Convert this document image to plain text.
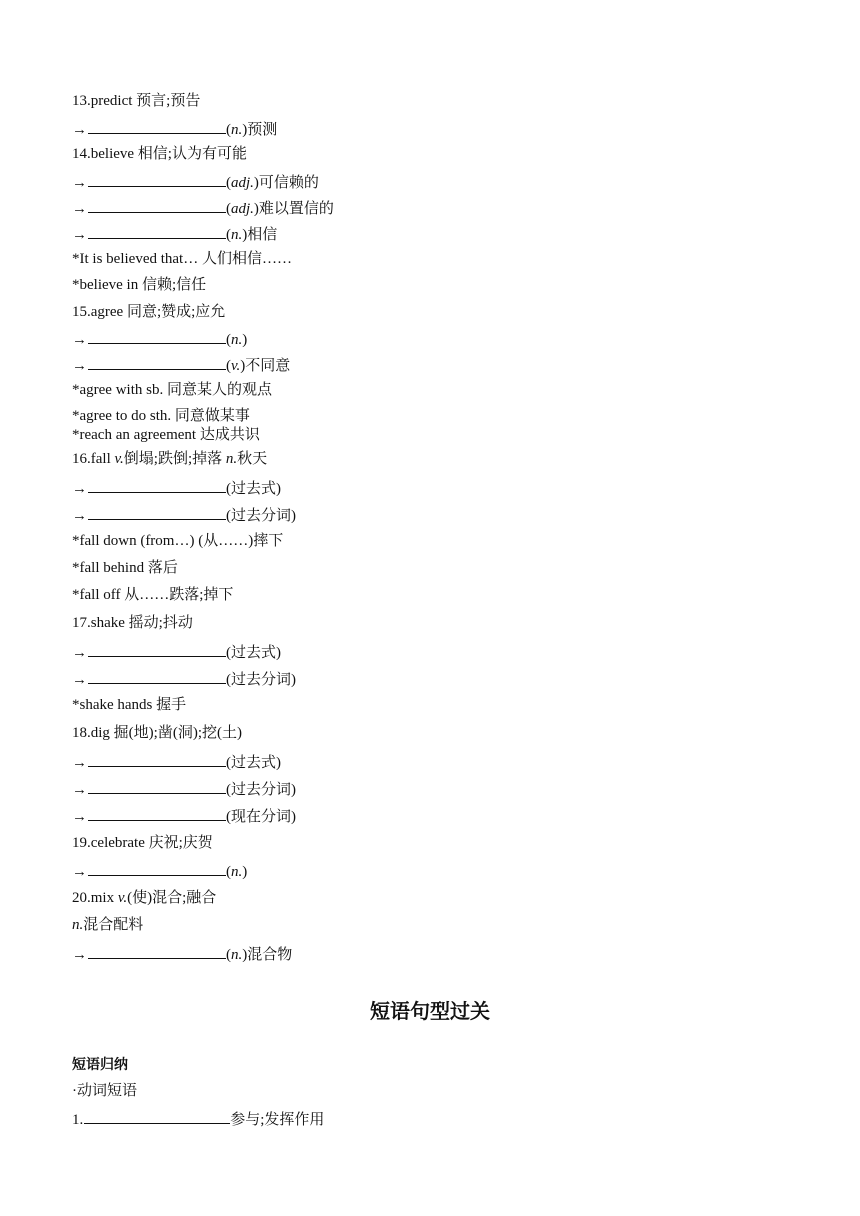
13.predict 预言;预告
→	(n.)预测
14.believe 相信;认为有可能
→	(adj.)可信赖的
→	(adj.)难以置信的
→	(n.)相信
*It is believed that… 人们相信……
*believe in 信赖;信任
15.agree 同意;赞成;应允
→	(n.)
→	(v.)不同意
*agree with sb. 同意某人的观点
*agree to do sth. 同意做某事
*reach an agreement 达成共识
16.fall v.倒塌;跌倒;掉落 n.秋天
→	(过去式)
→	(过去分词)
*fall down (from…) (从……)摔下
*fall behind 落后
*fall off 从……跌落;掉下
17.shake 摇动;抖动
→	(过去式)
→	(过去分词)
*shake hands 握手
18.dig 掘(地);凿(洞);挖(土)
→	(过去式)
→	(过去分词)
→	(现在分词)
19.celebrate 庆祝;庆贺
→	(n.)
20.mix v.(使)混合;融合
n.混合配料
→	(n.)混合物
短语句型过关
短语归纳
·动词短语
1.	参与;发挥作用
